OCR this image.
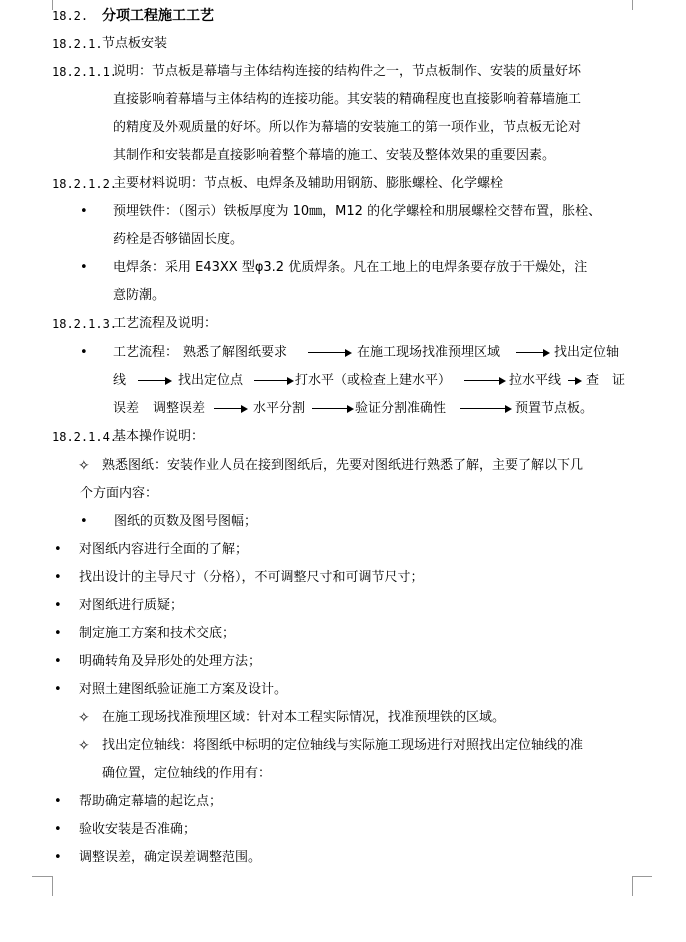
18.2. 分项工程施工工艺
18.2.1. 节点板安装
18.2.1.1.
说明：节点板是幕墙与主体结构连接的结构件之一，节点板制作、安装的质量好坏
直接影响着幕墙与主体结构的连接功能。其安装的精确程度也直接影响着幕墙施工
的精度及外观质量的好坏。所以作为幕墙的安装施工的第一项作业，节点板无论对
其制作和安装都是直接影响着整个幕墙的施工、安装及整体效果的重要因素。
18.2.1.2.
主要材料说明：节点板、电焊条及辅助用钢筋、膨胀螺栓、化学螺栓
• 预埋铁件：（图示）铁板厚度为 10㎜，M12 的化学螺栓和朋展螺栓交替布置，胀栓、
药栓是否够锚固长度。
• 电焊条：采用 E43XX 型φ3.2 优质焊条。凡在工地上的电焊条要存放于干燥处，注
意防潮。
18.2.1.3.
工艺流程及说明：
• 工艺流程： 熟悉了解图纸要求	在施工现场找准预埋区域	找出定位轴
线	找出定位点	打水平（或检查上建水平）	拉水平线 查　证
误差 调整误差	水平分割	验证分割准确性	预置节点板。
18.2.1.4.
基本操作说明：
✧ 熟悉图纸：安装作业人员在接到图纸后，先要对图纸进行熟悉了解，主要了解以下几
个方面内容：
• 图纸的页数及图号图幅；
• 对图纸内容进行全面的了解；
• 找出设计的主导尺寸（分格），不可调整尺寸和可调节尺寸；
• 对图纸进行质疑；
• 制定施工方案和技术交底；
• 明确转角及异形处的处理方法；
• 对照土建图纸验证施工方案及设计。
✧ 在施工现场找准预埋区域：针对本工程实际情况，找准预埋铁的区域。
✧ 找出定位轴线：将图纸中标明的定位轴线与实际施工现场进行对照找出定位轴线的准
确位置，定位轴线的作用有：
• 帮助确定幕墙的起讫点；
• 验收安装是否准确；
• 调整误差，确定误差调整范围。
